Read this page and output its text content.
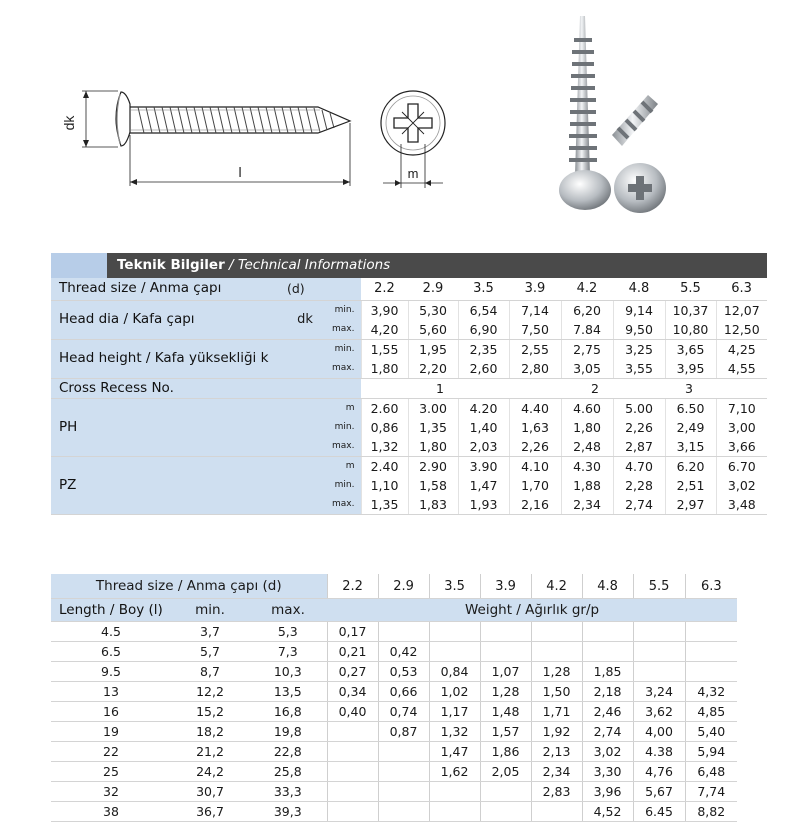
dk
l	m
	Teknik Bilgiler / Technical Informations										
Thread size / Anma çapı		(d)		2.2	2.9	3.5	3.9	4.2	4.8	5.5	6.3
Head dia / Kafa çapı		dk	min.	3,90	5,30	6,54	7,14	6,20	9,14	10,37	12,07
			max.	4,20	5,60	6,90	7,50	7.84	9,50	10,80	12,50
Head height / Kafa yüksekliği k			min.	1,55	1,95	2,35	2,55	2,75	3,25	3,65	4,25
			max.	1,80	2,20	2,60	2,80	3,05	3,55	3,95	4,55
Cross Recess No.				1		2				3	
PH			m	2.60	3.00	4.20	4.40	4.60	5.00	6.50	7,10
			min.	0,86	1,35	1,40	1,63	1,80	2,26	2,49	3,00
			max.	1,32	1,80	2,03	2,26	2,48	2,87	3,15	3,66
PZ			m	2.40	2.90	3.90	4.10	4.30	4.70	6.20	6.70
			min.	1,10	1,58	1,47	1,70	1,88	2,28	2,51	3,02
			max.	1,35	1,83	1,93	2,16	2,34	2,74	2,97	3,48
Thread size / Anma çapı (d)			2.2	2.9	3.5	3.9	4.2	4.8	5.5	6.3
Length / Boy (l)	min.	max.	Weight / Ağırlık gr/p							
4.5	3,7	5,3	0,17							
6.5	5,7	7,3	0,21	0,42						
9.5	8,7	10,3	0,27	0,53	0,84	1,07	1,28	1,85		
13	12,2	13,5	0,34	0,66	1,02	1,28	1,50	2,18	3,24	4,32
16	15,2	16,8	0,40	0,74	1,17	1,48	1,71	2,46	3,62	4,85
19	18,2	19,8		0,87	1,32	1,57	1,92	2,74	4,00	5,40
22	21,2	22,8			1,47	1,86	2,13	3,02	4.38	5,94
25	24,2	25,8			1,62	2,05	2,34	3,30	4,76	6,48
32	30,7	33,3					2,83	3,96	5,67	7,74
38	36,7	39,3						4,52	6.45	8,82
